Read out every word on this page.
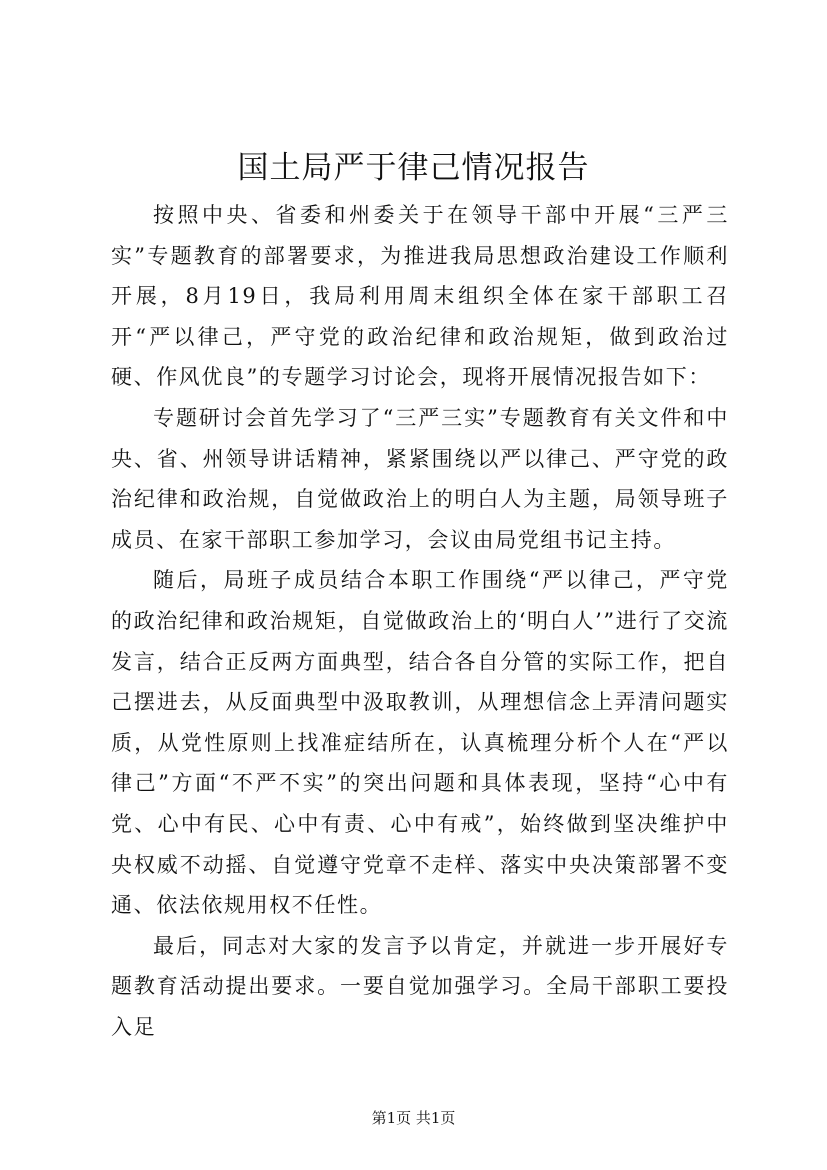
国土局严于律己情况报告

按照中央、省委和州委关于在领导干部中开展“三严三实”专题教育的部署要求，为推进我局思想政治建设工作顺利开展，8月19日，我局利用周末组织全体在家干部职工召开“严以律己，严守党的政治纪律和政治规矩，做到政治过硬、作风优良”的专题学习讨论会，现将开展情况报告如下：

专题研讨会首先学习了“三严三实”专题教育有关文件和中央、省、州领导讲话精神，紧紧围绕以严以律己、严守党的政治纪律和政治规，自觉做政治上的明白人为主题，局领导班子成员、在家干部职工参加学习，会议由局党组书记主持。

随后，局班子成员结合本职工作围绕“严以律己，严守党的政治纪律和政治规矩，自觉做政治上的‘明白人’”进行了交流发言，结合正反两方面典型，结合各自分管的实际工作，把自己摆进去，从反面典型中汲取教训，从理想信念上弄清问题实质，从党性原则上找准症结所在，认真梳理分析个人在“严以律己”方面“不严不实”的突出问题和具体表现，坚持“心中有党、心中有民、心中有责、心中有戒”，始终做到坚决维护中央权威不动摇、自觉遵守党章不走样、落实中央决策部署不变通、依法依规用权不任性。

最后，同志对大家的发言予以肯定，并就进一步开展好专题教育活动提出要求。一要自觉加强学习。全局干部职工要投入足

第1页 共1页
